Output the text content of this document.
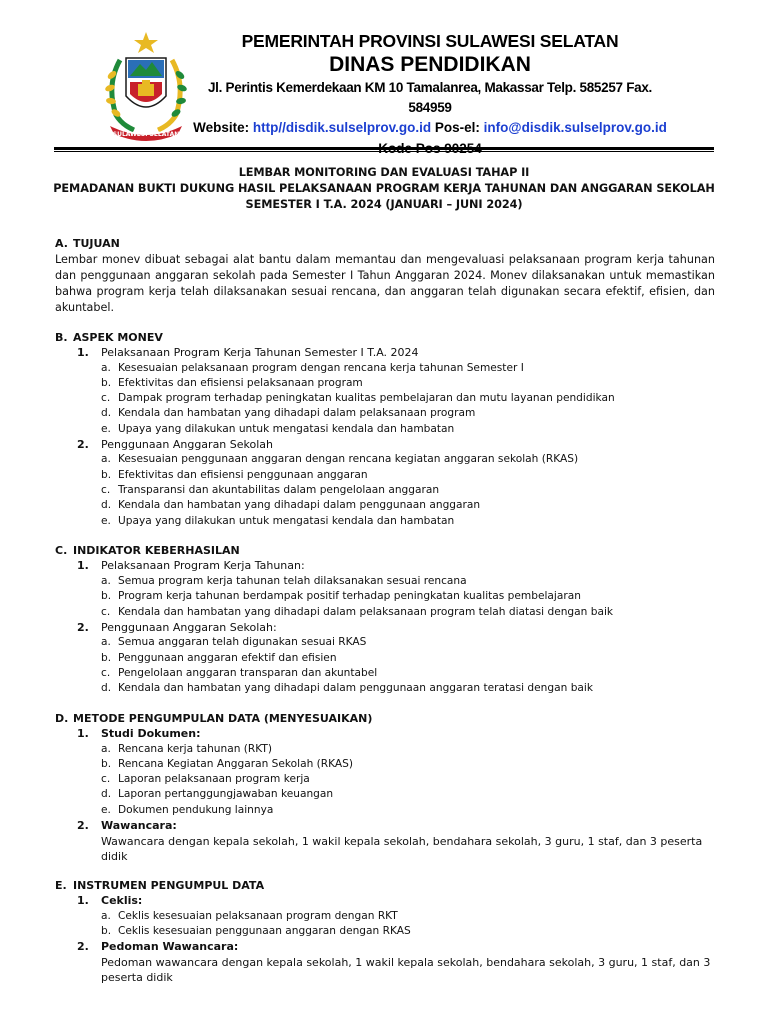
SULAWESI SELATAN
PEMERINTAH PROVINSI SULAWESI SELATAN
DINAS PENDIDIKAN
Jl. Perintis Kemerdekaan KM 10 Tamalanrea, Makassar Telp. 585257 Fax. 584959
Website: http//disdik.sulselprov.go.id Pos-el: info@disdik.sulselprov.go.id
LEMBAR MONITORING DAN EVALUASI TAHAP II
PEMADANAN BUKTI DUKUNG HASIL PELAKSANAAN PROGRAM KERJA TAHUNAN DAN ANGGARAN SEKOLAH
SEMESTER I T.A. 2024 (JANUARI – JUNI 2024)
A. TUJUAN

Lembar monev dibuat sebagai alat bantu dalam memantau dan mengevaluasi pelaksanaan program kerja tahunan dan penggunaan anggaran sekolah pada Semester I Tahun Anggaran 2024. Monev dilaksanakan untuk memastikan bahwa program kerja telah dilaksanakan sesuai rencana, dan anggaran telah digunakan secara efektif, efisien, dan akuntabel.

B. ASPEK MONEV
1. Pelaksanaan Program Kerja Tahunan Semester I T.A. 2024
a. Kesesuaian pelaksanaan program dengan rencana kerja tahunan Semester I
b. Efektivitas dan efisiensi pelaksanaan program
c. Dampak program terhadap peningkatan kualitas pembelajaran dan mutu layanan pendidikan
d. Kendala dan hambatan yang dihadapi dalam pelaksanaan program
e. Upaya yang dilakukan untuk mengatasi kendala dan hambatan
2. Penggunaan Anggaran Sekolah
a. Kesesuaian penggunaan anggaran dengan rencana kegiatan anggaran sekolah (RKAS)
b. Efektivitas dan efisiensi penggunaan anggaran
c. Transparansi dan akuntabilitas dalam pengelolaan anggaran
d. Kendala dan hambatan yang dihadapi dalam penggunaan anggaran
e. Upaya yang dilakukan untuk mengatasi kendala dan hambatan
C. INDIKATOR KEBERHASILAN
1. Pelaksanaan Program Kerja Tahunan:
a. Semua program kerja tahunan telah dilaksanakan sesuai rencana
b. Program kerja tahunan berdampak positif terhadap peningkatan kualitas pembelajaran
c. Kendala dan hambatan yang dihadapi dalam pelaksanaan program telah diatasi dengan baik
2. Penggunaan Anggaran Sekolah:
a. Semua anggaran telah digunakan sesuai RKAS
b. Penggunaan anggaran efektif dan efisien
c. Pengelolaan anggaran transparan dan akuntabel
d. Kendala dan hambatan yang dihadapi dalam penggunaan anggaran teratasi dengan baik
D. METODE PENGUMPULAN DATA (MENYESUAIKAN)
1. Studi Dokumen:
a. Rencana kerja tahunan (RKT)
b. Rencana Kegiatan Anggaran Sekolah (RKAS)
c. Laporan pelaksanaan program kerja
d. Laporan pertanggungjawaban keuangan
e. Dokumen pendukung lainnya
2. Wawancara:
Wawancara dengan kepala sekolah, 1 wakil kepala sekolah, bendahara sekolah, 3 guru, 1 staf, dan 3 peserta didik
E. INSTRUMEN PENGUMPUL DATA
1. Ceklis:
a. Ceklis kesesuaian pelaksanaan program dengan RKT
b. Ceklis kesesuaian penggunaan anggaran dengan RKAS
2. Pedoman Wawancara:
Pedoman wawancara dengan kepala sekolah, 1 wakil kepala sekolah, bendahara sekolah, 3 guru, 1 staf, dan 3 peserta didik
